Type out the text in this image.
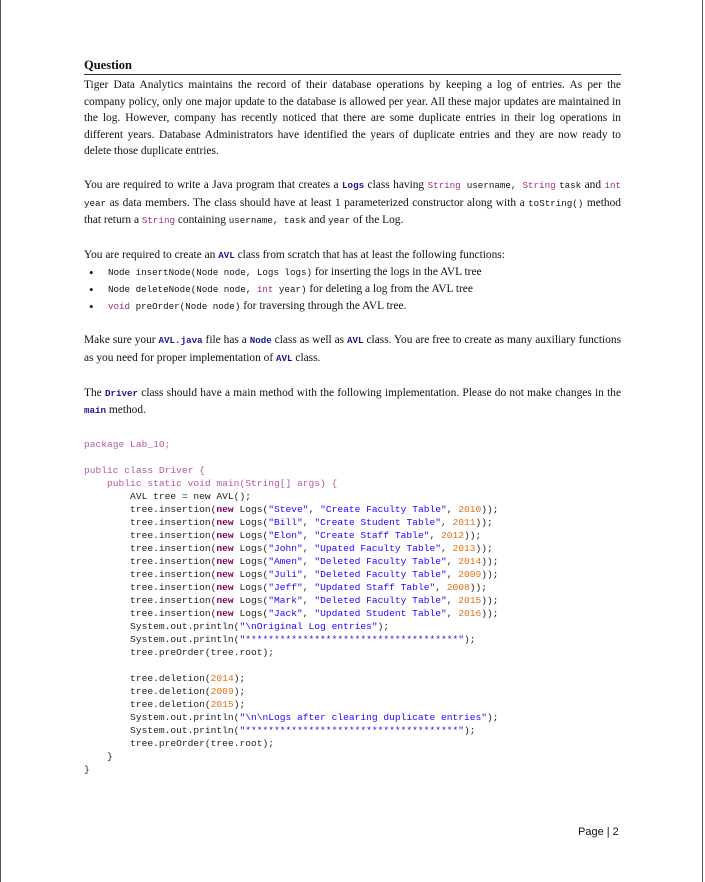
Question

Tiger Data Analytics maintains the record of their database operations by keeping a log of entries. As per the company policy, only one major update to the database is allowed per year. All these major updates are maintained in the log. However, company has recently noticed that there are some duplicate entries in their log operations in different years. Database Administrators have identified the years of duplicate entries and they are now ready to delete those duplicate entries.

You are required to write a Java program that creates a Logs class having String username, String task and int year as data members. The class should have at least 1 parameterized constructor along with a toString() method that return a String containing username, task and year of the Log.

You are required to create an AVL class from scratch that has at least the following functions:

• Node insertNode(Node node, Logs logs) for inserting the logs in the AVL tree
• Node deleteNode(Node node, int year) for deleting a log from the AVL tree
• void preOrder(Node node) for traversing through the AVL tree.

Make sure your AVL.java file has a Node class as well as AVL class. You are free to create as many auxiliary functions as you need for proper implementation of AVL class.

The Driver class should have a main method with the following implementation. Please do not make changes in the main method.

package Lab_10;

public class Driver {
public static void main(String[] args) {
AVL tree = new AVL();
tree.insertion(new Logs("Steve", "Create Faculty Table", 2010));
tree.insertion(new Logs("Bill", "Create Student Table", 2011));
tree.insertion(new Logs("Elon", "Create Staff Table", 2012));
tree.insertion(new Logs("John", "Upated Faculty Table", 2013));
tree.insertion(new Logs("Amen", "Deleted Faculty Table", 2014));
tree.insertion(new Logs("Juli", "Deleted Faculty Table", 2009));
tree.insertion(new Logs("Jeff", "Updated Staff Table", 2008));
tree.insertion(new Logs("Mark", "Deleted Faculty Table", 2015));
tree.insertion(new Logs("Jack", "Updated Student Table", 2016));
System.out.println("\nOriginal Log entries");
System.out.println("*************************************");
tree.preOrder(tree.root);

tree.deletion(2014);
tree.deletion(2009);
tree.deletion(2015);
System.out.println("\n\nLogs after clearing duplicate entries");
System.out.println("*************************************");
tree.preOrder(tree.root);
}
}
Page | 2
